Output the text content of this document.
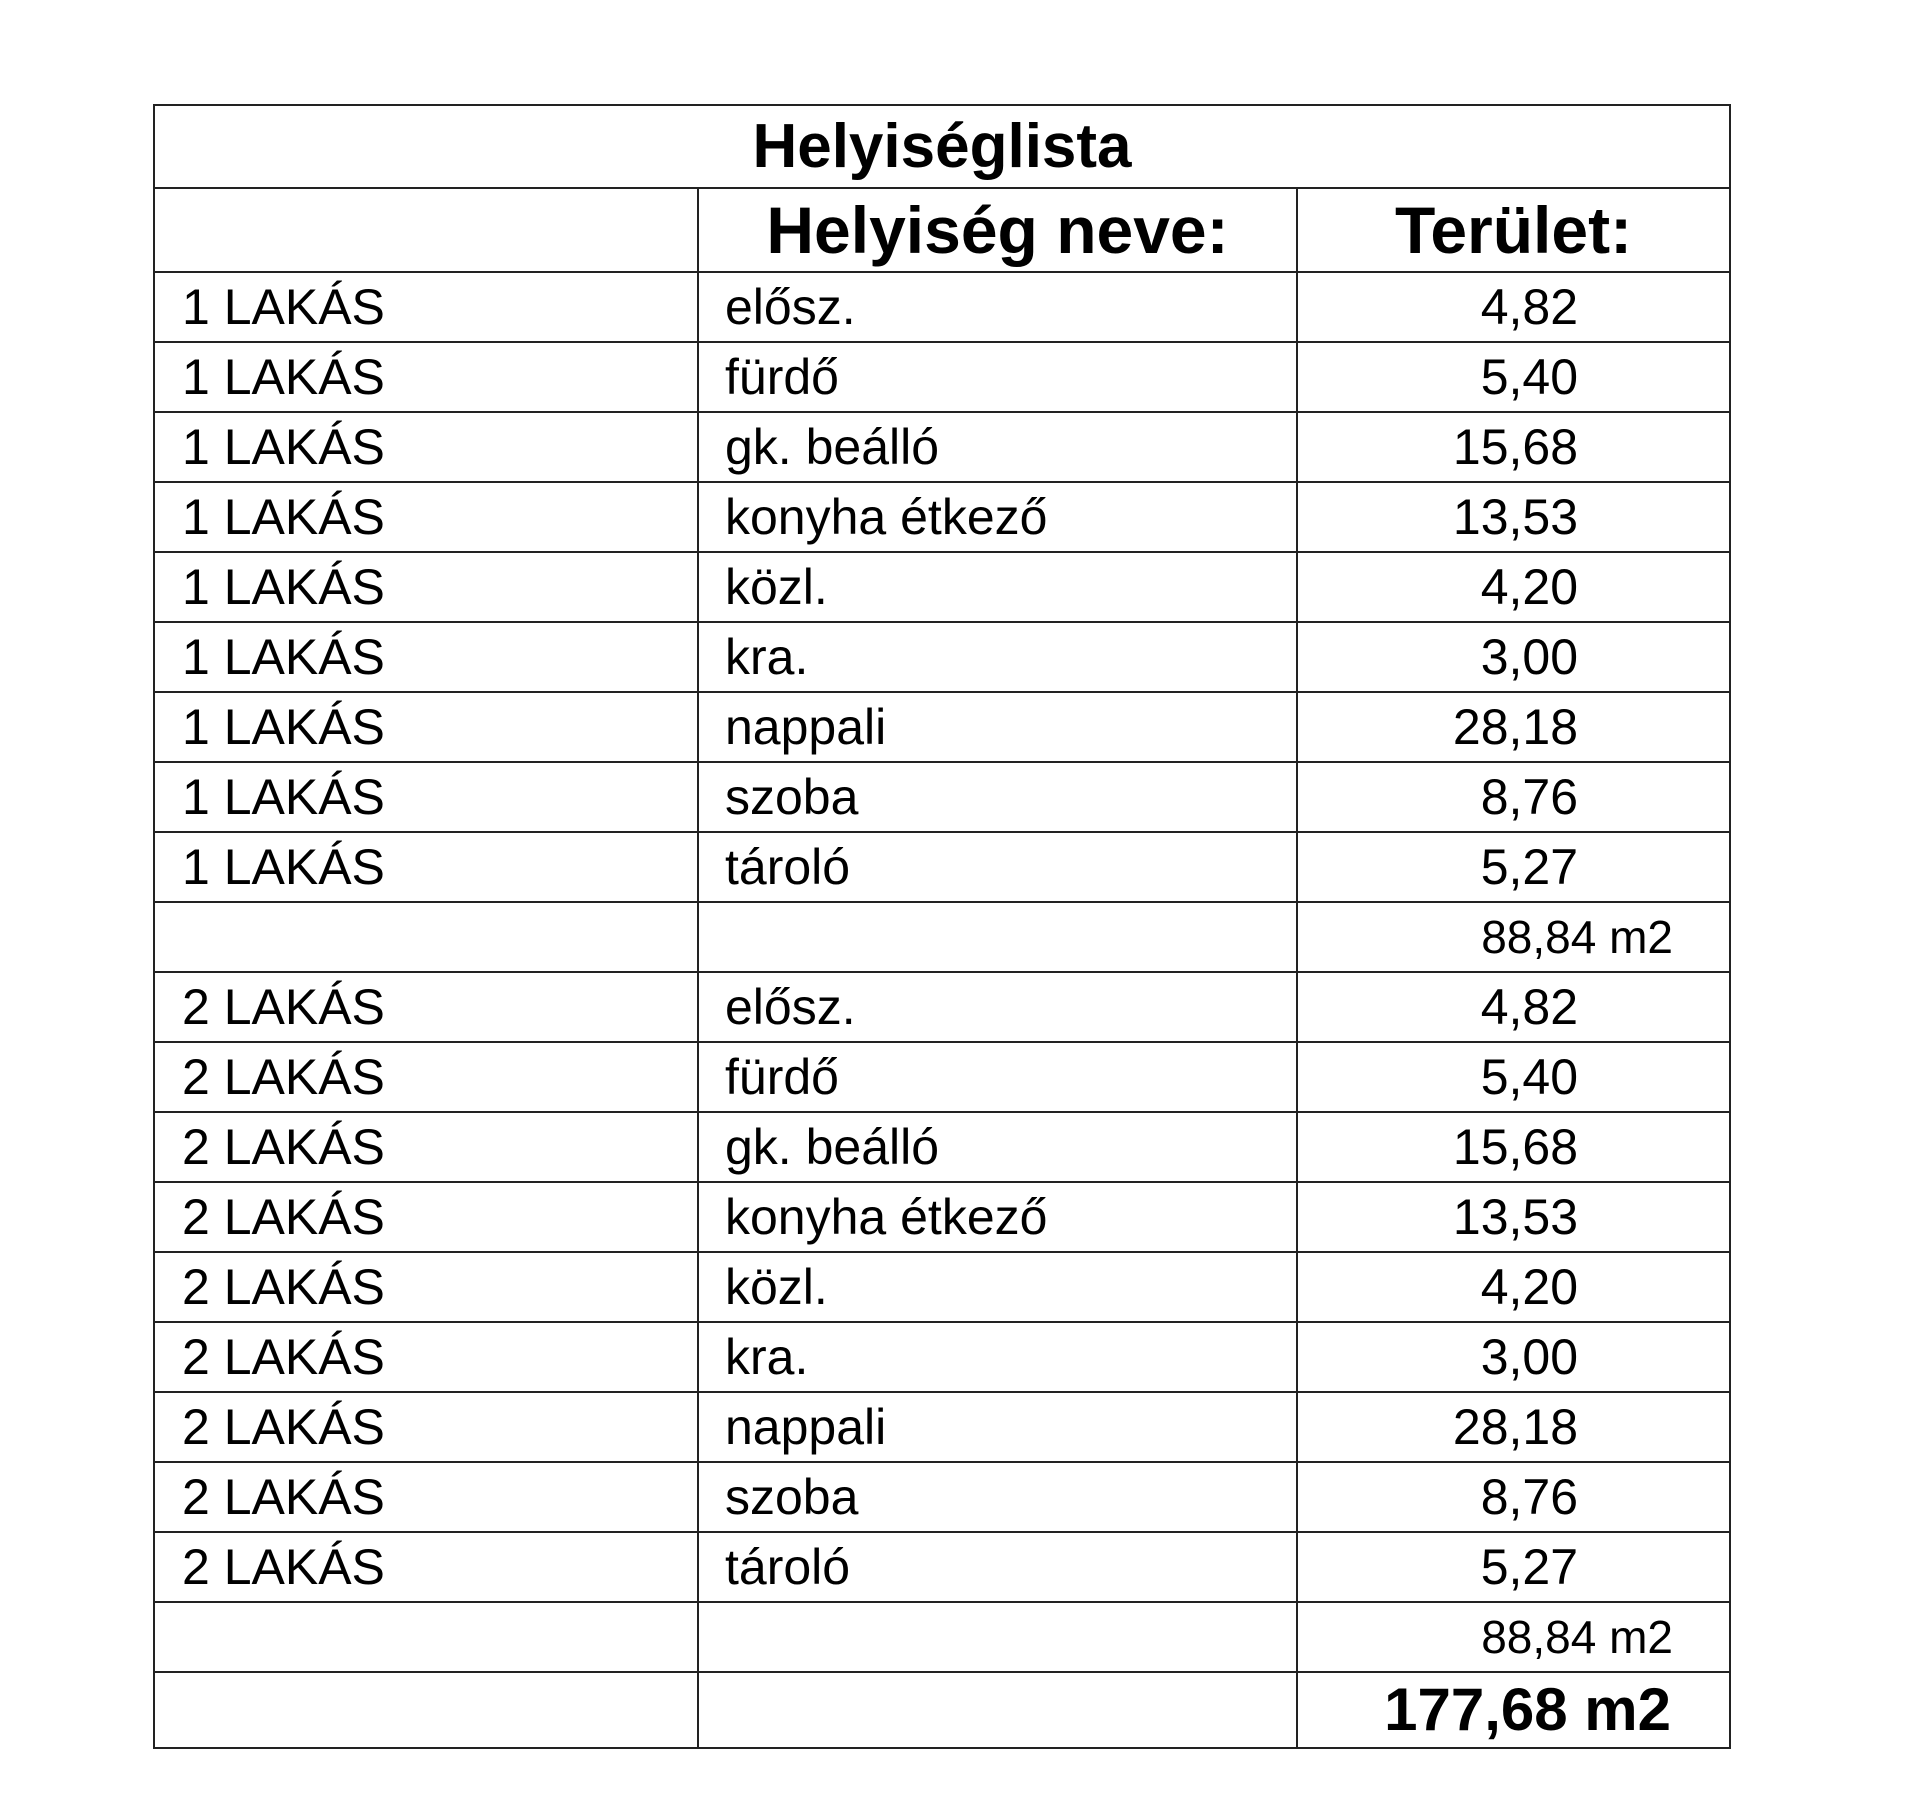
Helyiséglista		
	Helyiség neve:	Terület:
1 LAKÁS	elősz.	4,82
1 LAKÁS	fürdő	5,40
1 LAKÁS	gk. beálló	15,68
1 LAKÁS	konyha étkező	13,53
1 LAKÁS	közl.	4,20
1 LAKÁS	kra.	3,00
1 LAKÁS	nappali	28,18
1 LAKÁS	szoba	8,76
1 LAKÁS	tároló	5,27
		88,84 m2
2 LAKÁS	elősz.	4,82
2 LAKÁS	fürdő	5,40
2 LAKÁS	gk. beálló	15,68
2 LAKÁS	konyha étkező	13,53
2 LAKÁS	közl.	4,20
2 LAKÁS	kra.	3,00
2 LAKÁS	nappali	28,18
2 LAKÁS	szoba	8,76
2 LAKÁS	tároló	5,27
		88,84 m2
		177,68 m2
